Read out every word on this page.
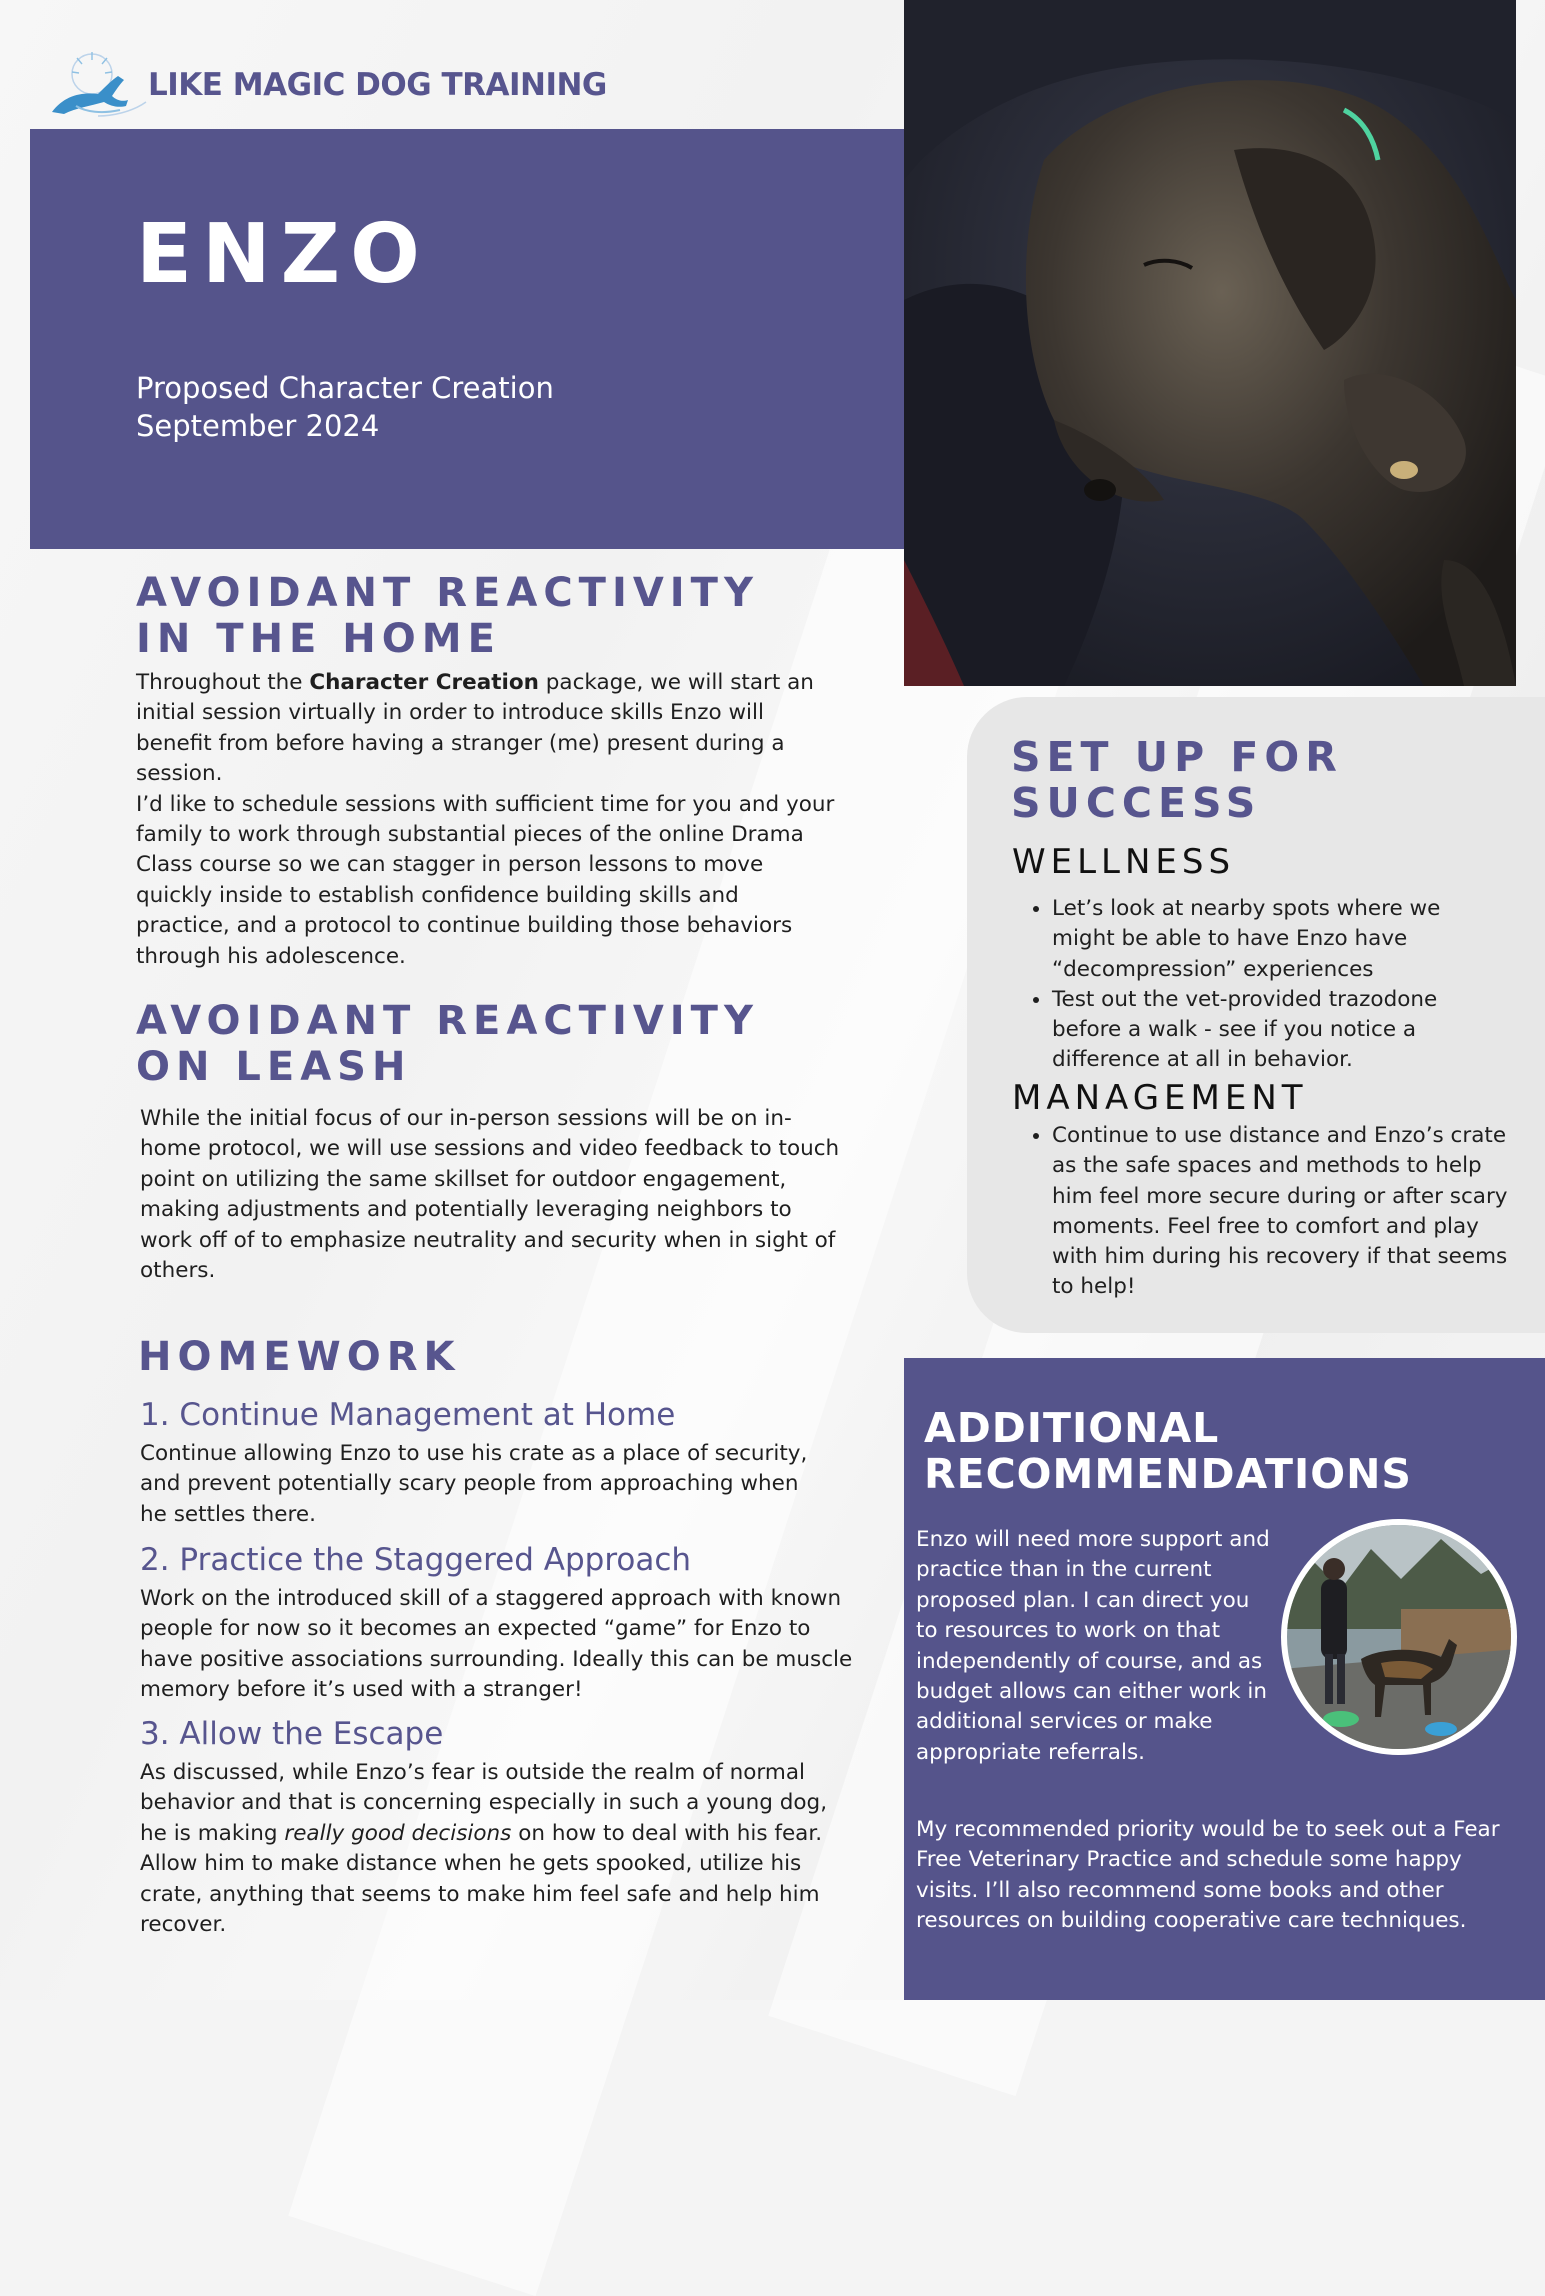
LIKE MAGIC DOG TRAINING
ENZO
Proposed Character Creation
September 2024
AVOIDANT REACTIVITY
IN THE HOME

Throughout the Character Creation package, we will start an initial session virtually in order to introduce skills Enzo will benefit from before having a stranger (me) present during a session.

I’d like to schedule sessions with sufficient time for you and your family to work through substantial pieces of the online Drama Class course so we can stagger in person lessons to move quickly inside to establish confidence building skills and practice, and a protocol to continue building those behaviors through his adolescence.

AVOIDANT REACTIVITY
ON LEASH

While the initial focus of our in-person sessions will be on in-home protocol, we will use sessions and video feedback to touch point on utilizing the same skillset for outdoor engagement, making adjustments and potentially leveraging neighbors to work off of to emphasize neutrality and security when in sight of others.

HOMEWORK
1. Continue Management at Home

Continue allowing Enzo to use his crate as a place of security, and prevent potentially scary people from approaching when he settles there.

2. Practice the Staggered Approach

Work on the introduced skill of a staggered approach with known people for now so it becomes an expected “game” for Enzo to have positive associations surrounding. Ideally this can be muscle memory before it’s used with a stranger!

3. Allow the Escape

As discussed, while Enzo’s fear is outside the realm of normal behavior and that is concerning especially in such a young dog, he is making really good decisions on how to deal with his fear. Allow him to make distance when he gets spooked, utilize his crate, anything that seems to make him feel safe and help him recover.

SET UP FOR
SUCCESS
WELLNESS
• Let’s look at nearby spots where we might be able to have Enzo have “decompression” experiences
• Test out the vet-provided trazodone before a walk - see if you notice a difference at all in behavior.
MANAGEMENT
• Continue to use distance and Enzo’s crate as the safe spaces and methods to help him feel more secure during or after scary moments. Feel free to comfort and play with him during his recovery if that seems to help!
ADDITIONAL
RECOMMENDATIONS
Enzo will need more support and practice than in the current proposed plan. I can direct you to resources to work on that independently of course, and as budget allows can either work in additional services or make appropriate referrals.
My recommended priority would be to seek out a Fear Free Veterinary Practice and schedule some happy visits. I’ll also recommend some books and other resources on building cooperative care techniques.
